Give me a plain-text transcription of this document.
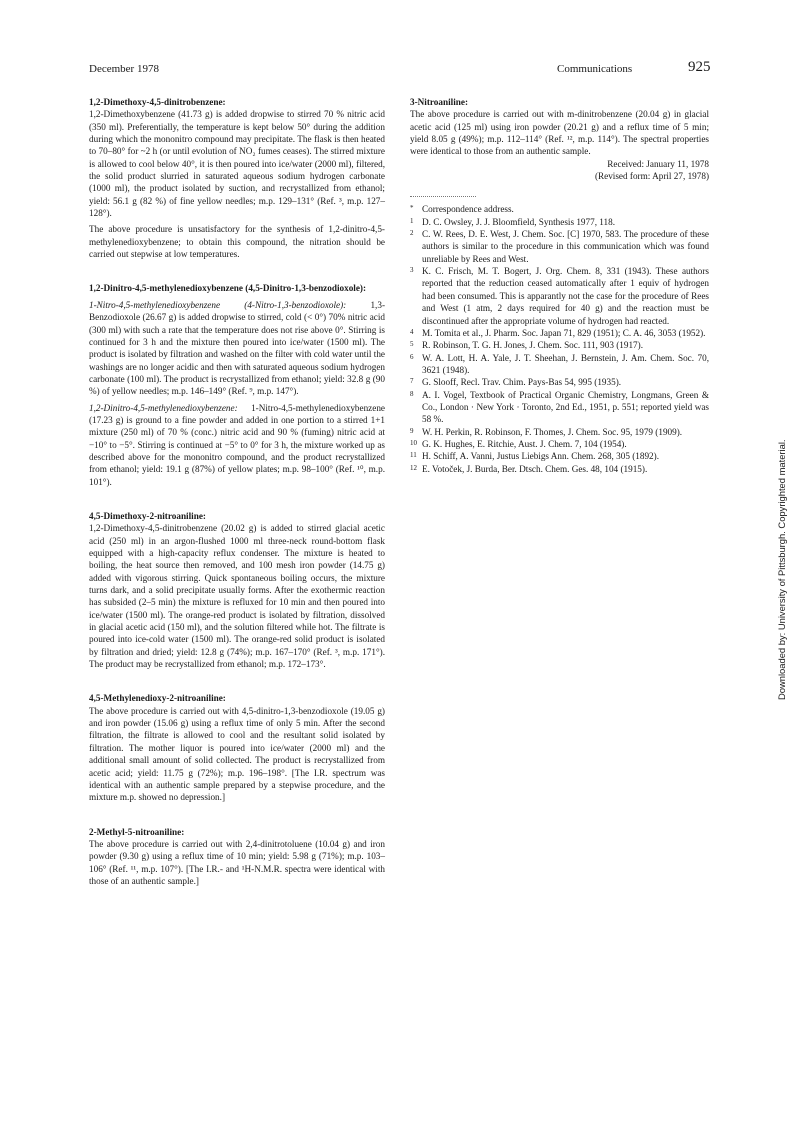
December 1978	Communications	925

1,2-Dimethoxy-4,5-dinitrobenzene:

1,2-Dimethoxybenzene (41.73 g) is added dropwise to stirred 70 % nitric acid (350 ml). Preferentially, the temperature is kept below 50° during the addition during which the mononitro compound may precipitate. The flask is then heated to 70–80° for ~2 h (or until evolution of NO₂ fumes ceases). The stirred mixture is allowed to cool below 40°, it is then poured into ice/water (2000 ml), filtered, the solid product slurried in saturated aqueous sodium hydrogen carbonate (1000 ml), the product isolated by suction, and recrystallized from ethanol; yield: 56.1 g (82 %) of fine yellow needles; m.p. 129–131° (Ref. ³, m.p. 127–128°).

The above procedure is unsatisfactory for the synthesis of 1,2-dinitro-4,5-methylenedioxybenzene; to obtain this compound, the nitration should be carried out stepwise at low temperatures.

1,2-Dinitro-4,5-methylenedioxybenzene (4,5-Dinitro-1,3-benzodioxole):

1-Nitro-4,5-methylenedioxybenzene (4-Nitro-1,3-benzodioxole):	1,3-Benzodioxole (26.67 g) is added dropwise to stirred, cold (< 0°) 70% nitric acid (300 ml) with such a rate that the temperature does not rise above 0°. Stirring is continued for 3 h and the mixture then poured into ice/water (1500 ml). The product is isolated by filtration and washed on the filter with cold water until the washings are no longer acidic and then with saturated aqueous sodium hydrogen carbonate (100 ml). The product is recrystallized from ethanol; yield: 32.8 g (90 %) of yellow needles; m.p. 146–149° (Ref. ⁹, m.p. 147°).

1,2-Dinitro-4,5-methylenedioxybenzene: 1-Nitro-4,5-methylenedioxybenzene (17.23 g) is ground to a fine powder and added in one portion to a stirred 1+1 mixture (250 ml) of 70 % (conc.) nitric acid and 90 % (fuming) nitric acid at −10° to −5°. Stirring is continued at −5° to 0° for 3 h, the mixture worked up as described above for the mononitro compound, and the product recrystallized from ethanol; yield: 19.1 g (87%) of yellow plates; m.p. 98–100° (Ref. ¹⁰, m.p. 101°).

4,5-Dimethoxy-2-nitroaniline:

1,2-Dimethoxy-4,5-dinitrobenzene (20.02 g) is added to stirred glacial acetic acid (250 ml) in an argon-flushed 1000 ml three-neck round-bottom flask equipped with a high-capacity reflux condenser. The mixture is heated to boiling, the heat source then removed, and 100 mesh iron powder (14.75 g) added with vigorous stirring. Quick spontaneous boiling occurs, the mixture turns dark, and a solid precipitate usually forms. After the exothermic reaction has subsided (2–5 min) the mixture is refluxed for 10 min and then poured into ice/water (1500 ml). The orange-red product is isolated by filtration, dissolved in glacial acetic acid (150 ml), and the solution filtered while hot. The filtrate is poured into ice-cold water (1500 ml). The orange-red solid product is isolated by filtration and dried; yield: 12.8 g (74%); m.p. 167–170° (Ref. ³, m.p. 171°). The product may be recrystallized from ethanol; m.p. 172–173°.

4,5-Methylenedioxy-2-nitroaniline:

The above procedure is carried out with 4,5-dinitro-1,3-benzodioxole (19.05 g) and iron powder (15.06 g) using a reflux time of only 5 min. After the second filtration, the filtrate is allowed to cool and the resultant solid isolated by filtration. The mother liquor is poured into ice/water (2000 ml) and the additional small amount of solid collected. The product is recrystallized from acetic acid; yield: 11.75 g (72%); m.p. 196–198°. [The I.R. spectrum was identical with an authentic sample prepared by a stepwise procedure, and the mixture m.p. showed no depression.]

2-Methyl-5-nitroaniline:

The above procedure is carried out with 2,4-dinitrotoluene (10.04 g) and iron powder (9.30 g) using a reflux time of 10 min; yield: 5.98 g (71%); m.p. 103–106° (Ref. ¹¹, m.p. 107°). [The I.R.- and ¹H-N.M.R. spectra were identical with those of an authentic sample.]

3-Nitroaniline:

The above procedure is carried out with m-dinitrobenzene (20.04 g) in glacial acetic acid (125 ml) using iron powder (20.21 g) and a reflux time of 5 min; yield 8.05 g (49%); m.p. 112–114° (Ref. ¹², m.p. 114°). The spectral properties were identical to those from an authentic sample.

Received: January 11, 1978

(Revised form: April 27, 1978)

* Correspondence address.
1 D. C. Owsley, J. J. Bloomfield, Synthesis 1977, 118.
2 C. W. Rees, D. E. West, J. Chem. Soc. [C] 1970, 583. The procedure of these authors is similar to the procedure in this communication which was found unreliable by Rees and West.
3 K. C. Frisch, M. T. Bogert, J. Org. Chem. 8, 331 (1943). These authors reported that the reduction ceased automatically after 1 equiv of hydrogen had been consumed. This is apparantly not the case for the procedure of Rees and West (1 atm, 2 days required for 40 g) and the reaction must be discontinued after the appropriate volume of hydrogen had reacted.
4 M. Tomita et al., J. Pharm. Soc. Japan 71, 829 (1951); C. A. 46, 3053 (1952).
5 R. Robinson, T. G. H. Jones, J. Chem. Soc. 111, 903 (1917).
6 W. A. Lott, H. A. Yale, J. T. Sheehan, J. Bernstein, J. Am. Chem. Soc. 70, 3621 (1948).
7 G. Slooff, Recl. Trav. Chim. Pays-Bas 54, 995 (1935).
8 A. I. Vogel, Textbook of Practical Organic Chemistry, Longmans, Green & Co., London · New York · Toronto, 2nd Ed., 1951, p. 551; reported yield was 58 %.
9 W. H. Perkin, R. Robinson, F. Thomes, J. Chem. Soc. 95, 1979 (1909).
10 G. K. Hughes, E. Ritchie, Aust. J. Chem. 7, 104 (1954).
11 H. Schiff, A. Vanni, Justus Liebigs Ann. Chem. 268, 305 (1892).
12 E. Votoček, J. Burda, Ber. Dtsch. Chem. Ges. 48, 104 (1915).	Downloaded by: University of Pittsburgh. Copyrighted material.
